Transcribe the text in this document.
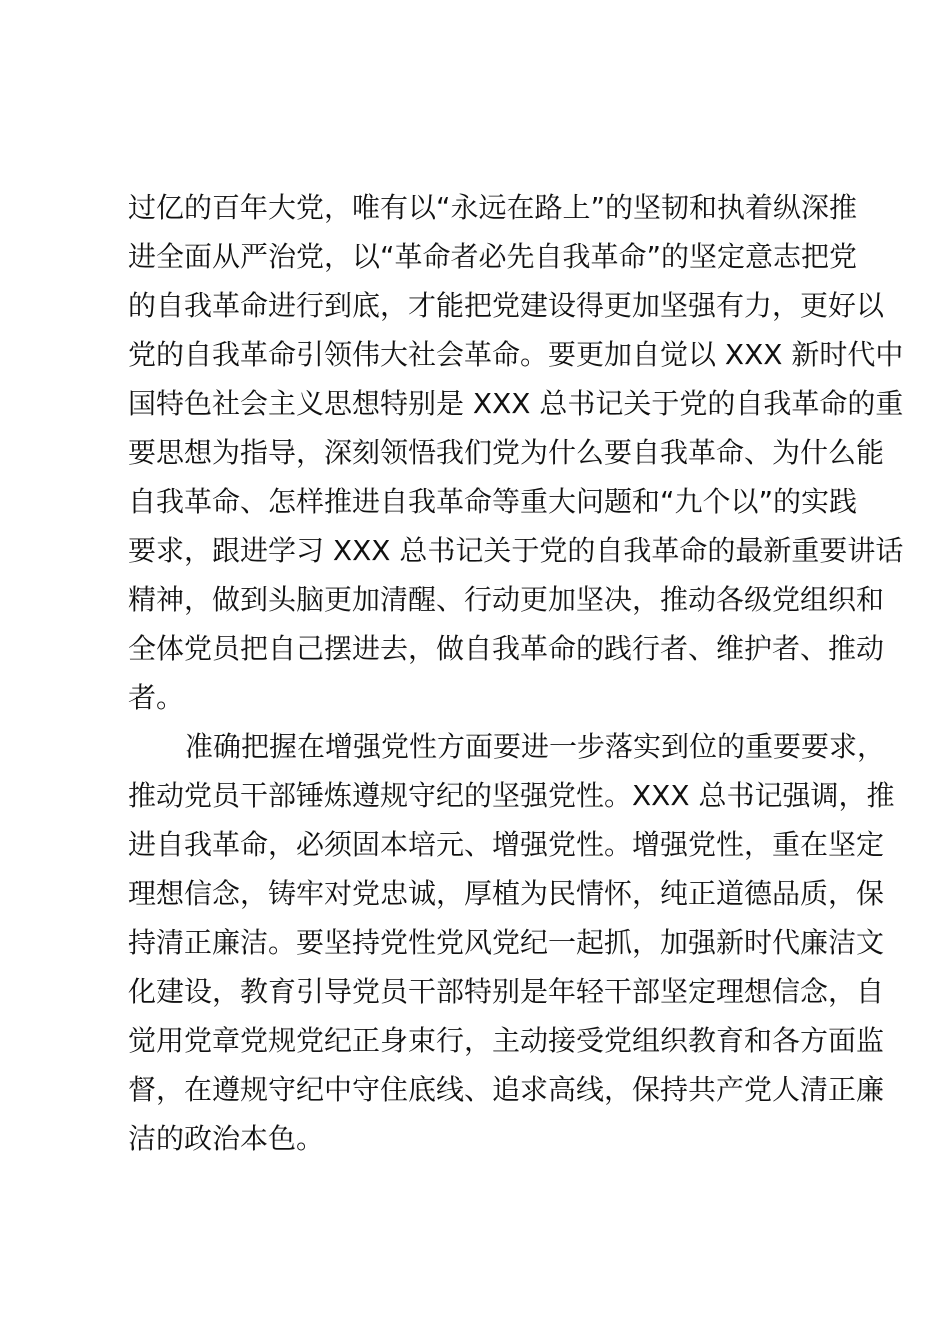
过亿的百年大党，唯有以“永远在路上”的坚韧和执着纵深推
进全面从严治党，以“革命者必先自我革命”的坚定意志把党
的自我革命进行到底，才能把党建设得更加坚强有力，更好以
党的自我革命引领伟大社会革命。要更加自觉以 XXX 新时代中
国特色社会主义思想特别是 XXX 总书记关于党的自我革命的重
要思想为指导，深刻领悟我们党为什么要自我革命、为什么能
自我革命、怎样推进自我革命等重大问题和“九个以”的实践
要求，跟进学习 XXX 总书记关于党的自我革命的最新重要讲话
精神，做到头脑更加清醒、行动更加坚决，推动各级党组织和
全体党员把自己摆进去，做自我革命的践行者、维护者、推动
者。
准确把握在增强党性方面要进一步落实到位的重要要求，
推动党员干部锤炼遵规守纪的坚强党性。XXX 总书记强调，推
进自我革命，必须固本培元、增强党性。增强党性，重在坚定
理想信念，铸牢对党忠诚，厚植为民情怀，纯正道德品质，保
持清正廉洁。要坚持党性党风党纪一起抓，加强新时代廉洁文
化建设，教育引导党员干部特别是年轻干部坚定理想信念，自
觉用党章党规党纪正身束行，主动接受党组织教育和各方面监
督，在遵规守纪中守住底线、追求高线，保持共产党人清正廉
洁的政治本色。
